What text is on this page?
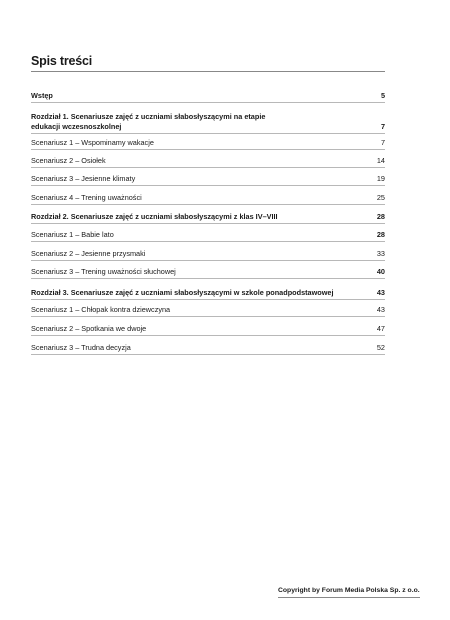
Spis treści
Wstęp	5
Rozdział 1. Scenariusze zajęć z uczniami słabosłyszącymi na etapie edukacji wczesnoszkolnej	7
Scenariusz 1 – Wspominamy wakacje	7
Scenariusz 2 – Osiołek	14
Scenariusz 3 – Jesienne klimaty	19
Scenariusz 4 – Trening uważności	25
Rozdział 2. Scenariusze zajęć z uczniami słabosłyszącymi z klas IV–VIII	28
Scenariusz 1 – Babie lato	28
Scenariusz 2 – Jesienne przysmaki	33
Scenariusz 3 – Trening uważności słuchowej	40
Rozdział 3. Scenariusze zajęć z uczniami słabosłyszącymi w szkole ponadpodstawowej	43
Scenariusz 1 – Chłopak kontra dziewczyna	43
Scenariusz 2 – Spotkania we dwoje	47
Scenariusz 3 – Trudna decyzja	52
Copyright by Forum Media Polska Sp. z o.o.
